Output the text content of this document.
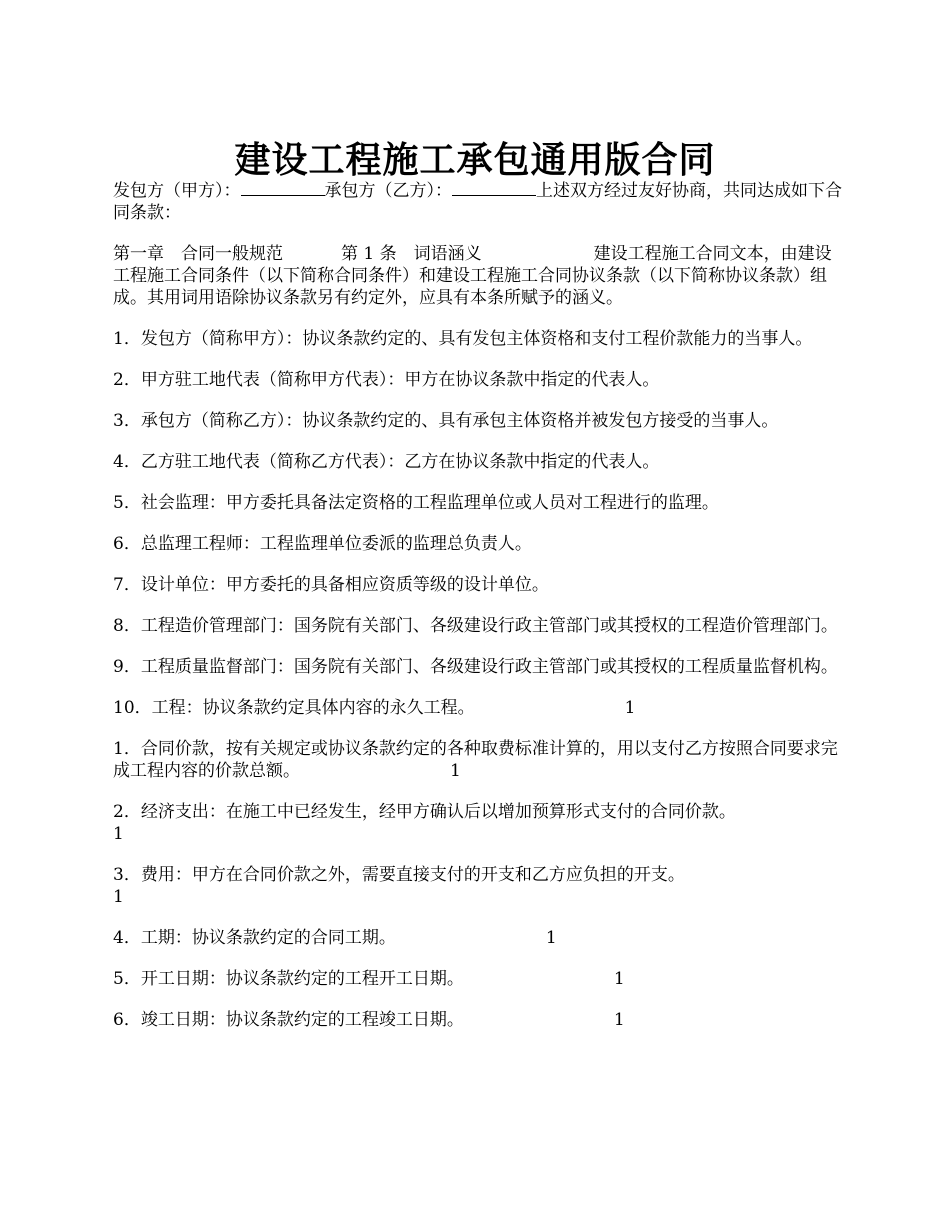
建设工程施工承包通用版合同

发包方（甲方）：	承包方（乙方）：	上述双方经过友好协商，共同达成如下合同条款：

第一章　合同一般规范	第 1 条　词语涵义	建设工程施工合同文本，由建设工程施工合同条件（以下简称合同条件）和建设工程施工合同协议条款（以下简称协议条款）组成。其用词用语除协议条款另有约定外，应具有本条所赋予的涵义。

1．发包方（简称甲方）：协议条款约定的、具有发包主体资格和支付工程价款能力的当事人。

2．甲方驻工地代表（简称甲方代表）：甲方在协议条款中指定的代表人。

3．承包方（简称乙方）：协议条款约定的、具有承包主体资格并被发包方接受的当事人。

4．乙方驻工地代表（简称乙方代表）：乙方在协议条款中指定的代表人。

5．社会监理：甲方委托具备法定资格的工程监理单位或人员对工程进行的监理。

6．总监理工程师：工程监理单位委派的监理总负责人。

7．设计单位：甲方委托的具备相应资质等级的设计单位。

8．工程造价管理部门：国务院有关部门、各级建设行政主管部门或其授权的工程造价管理部门。

9．工程质量监督部门：国务院有关部门、各级建设行政主管部门或其授权的工程质量监督机构。

10．工程：协议条款约定具体内容的永久工程。	1

1．合同价款，按有关规定或协议条款约定的各种取费标准计算的，用以支付乙方按照合同要求完成工程内容的价款总额。	1

2．经济支出：在施工中已经发生，经甲方确认后以增加预算形式支付的合同价款。
1

3．费用：甲方在合同价款之外，需要直接支付的开支和乙方应负担的开支。
1

4．工期：协议条款约定的合同工期。	1

5．开工日期：协议条款约定的工程开工日期。	1

6．竣工日期：协议条款约定的工程竣工日期。	1
